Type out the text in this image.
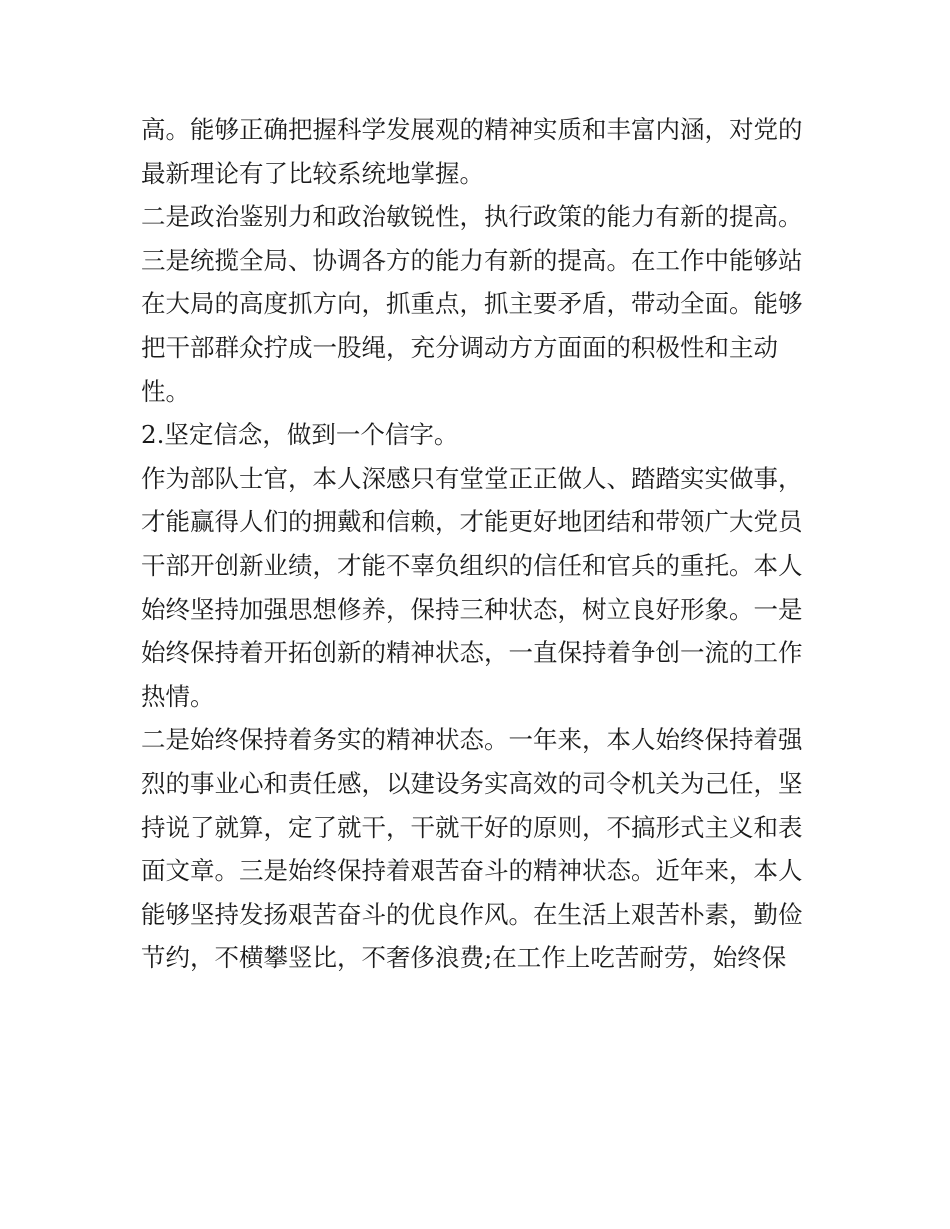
高。能够正确把握科学发展观的精神实质和丰富内涵，对党的
最新理论有了比较系统地掌握。
二是政治鉴别力和政治敏锐性，执行政策的能力有新的提高。
三是统揽全局、协调各方的能力有新的提高。在工作中能够站
在大局的高度抓方向，抓重点，抓主要矛盾，带动全面。能够
把干部群众拧成一股绳，充分调动方方面面的积极性和主动
性。
2.坚定信念，做到一个信字。
作为部队士官，本人深感只有堂堂正正做人、踏踏实实做事，
才能赢得人们的拥戴和信赖，才能更好地团结和带领广大党员
干部开创新业绩，才能不辜负组织的信任和官兵的重托。本人
始终坚持加强思想修养，保持三种状态，树立良好形象。一是
始终保持着开拓创新的精神状态，一直保持着争创一流的工作
热情。
二是始终保持着务实的精神状态。一年来，本人始终保持着强
烈的事业心和责任感，以建设务实高效的司令机关为己任，坚
持说了就算，定了就干，干就干好的原则，不搞形式主义和表
面文章。三是始终保持着艰苦奋斗的精神状态。近年来，本人
能够坚持发扬艰苦奋斗的优良作风。在生活上艰苦朴素，勤俭
节约，不横攀竖比，不奢侈浪费;在工作上吃苦耐劳，始终保
